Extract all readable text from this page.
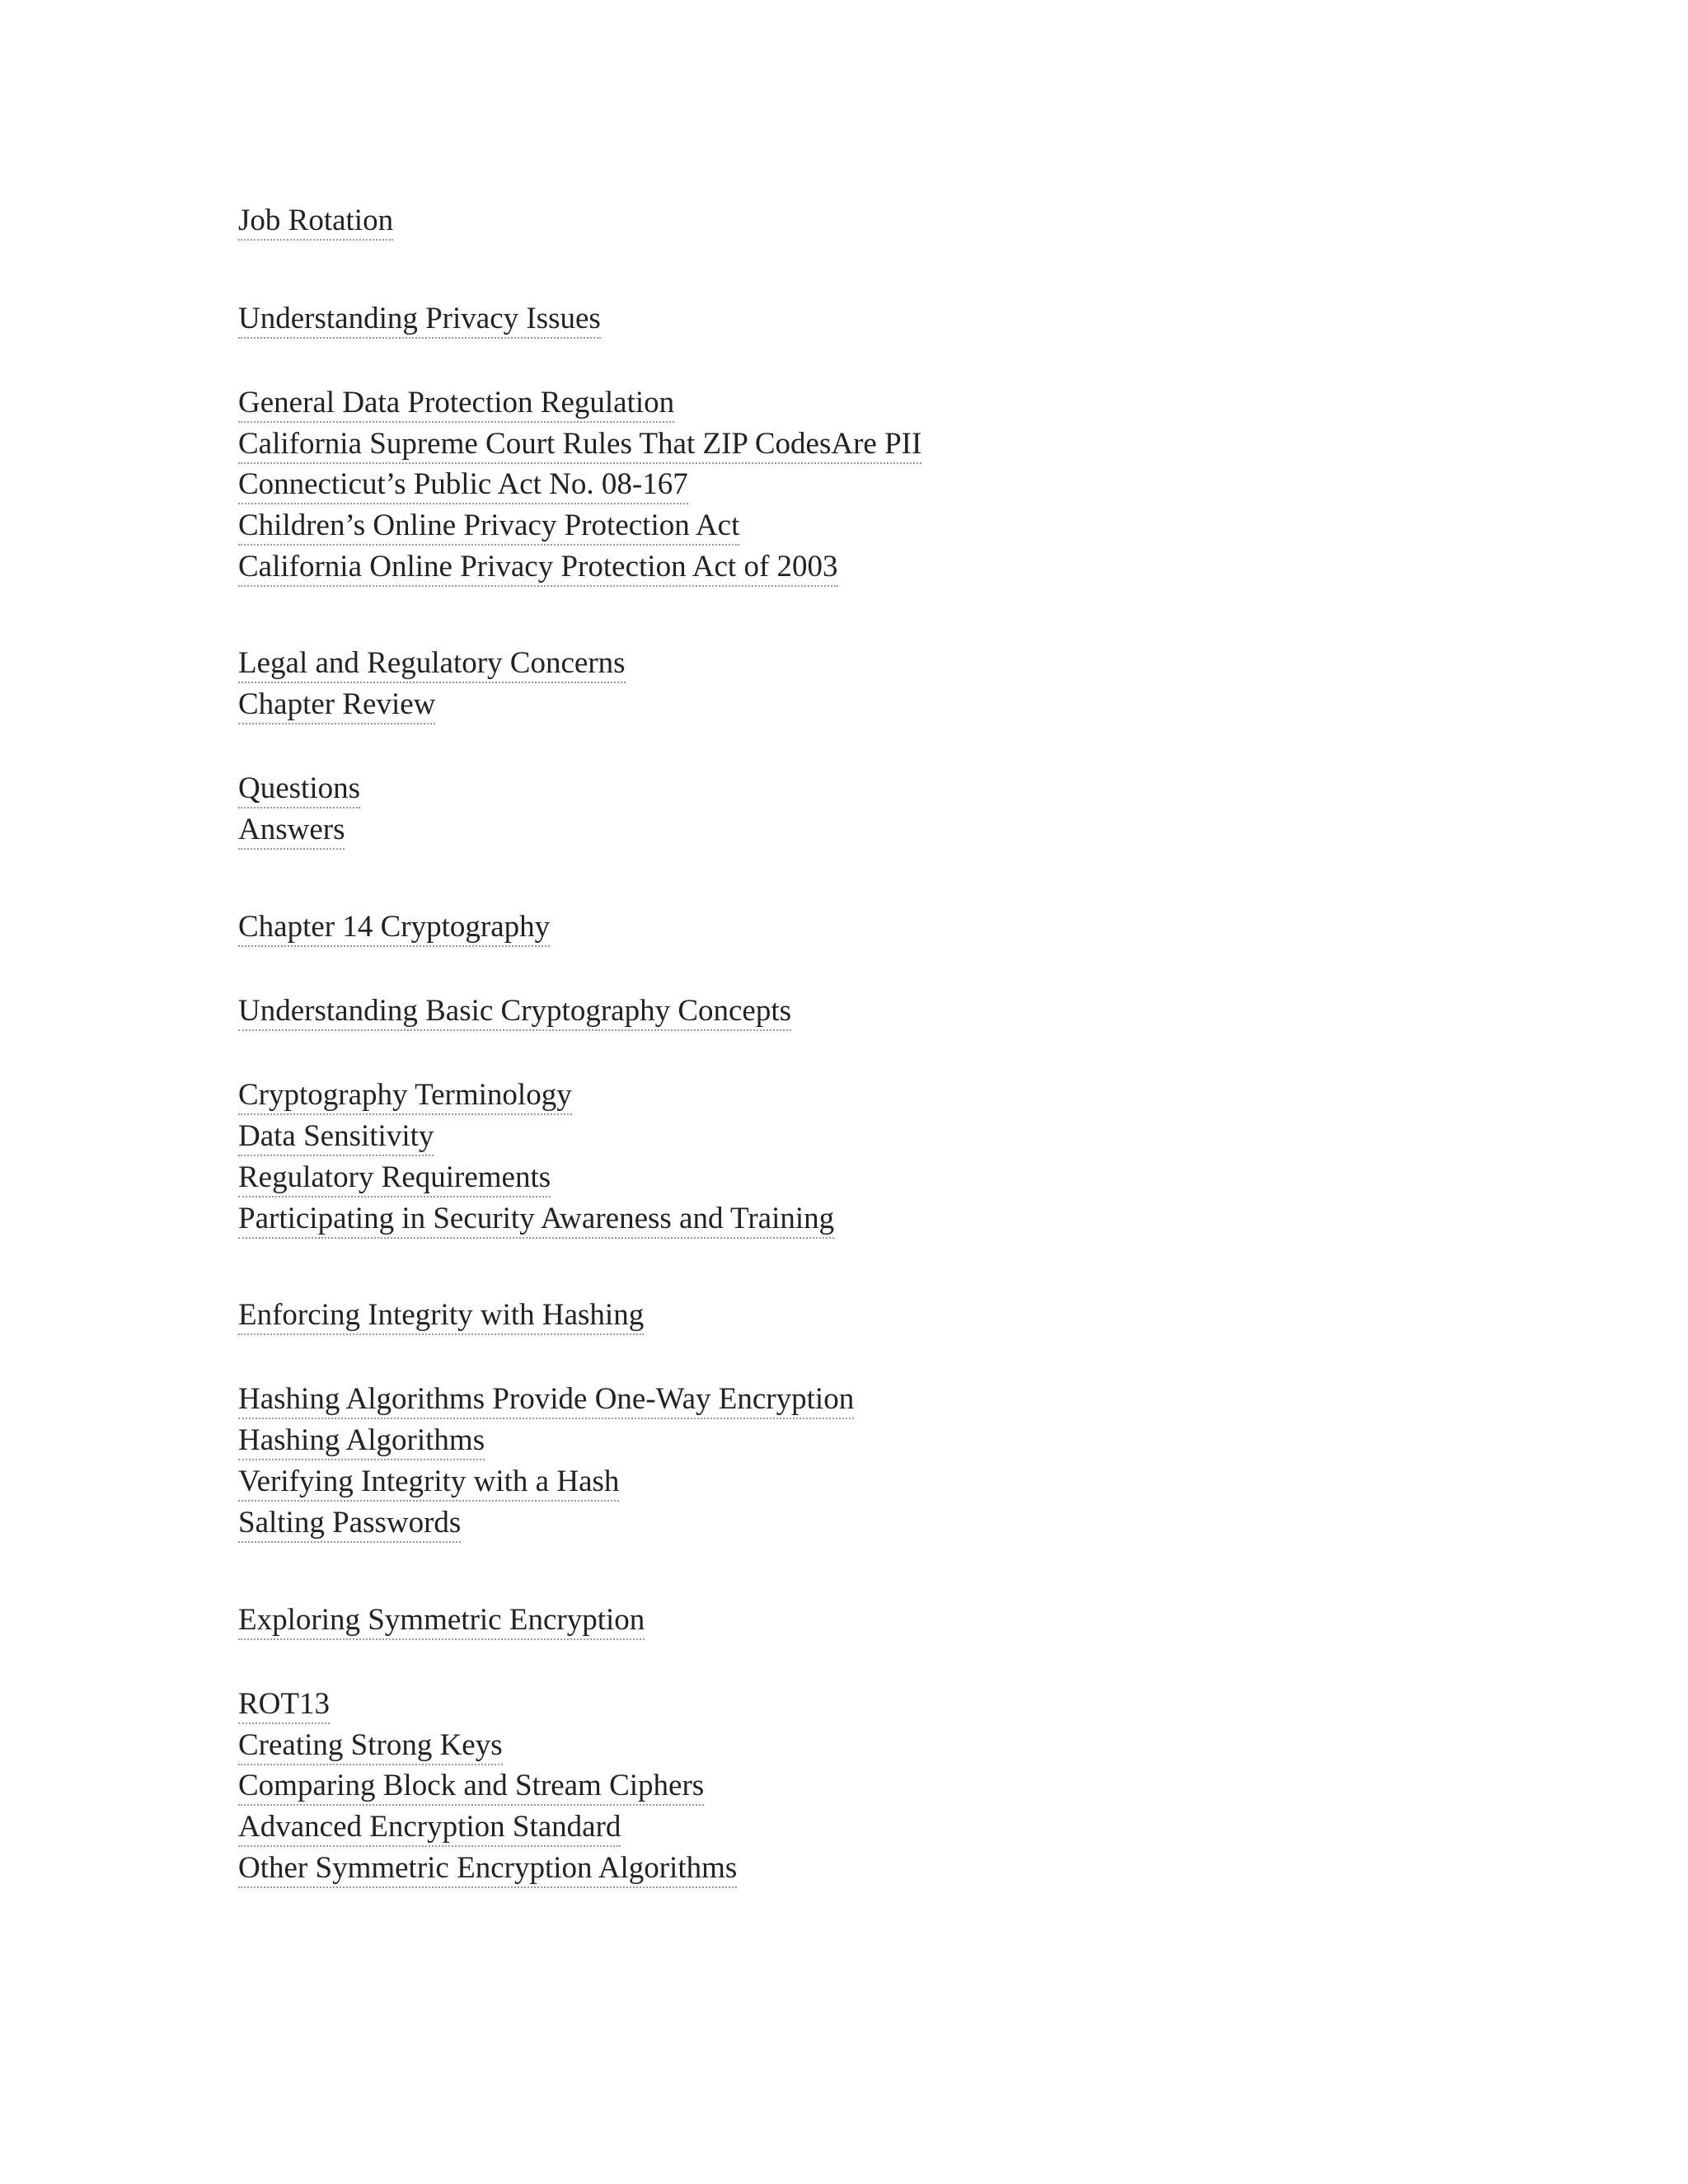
Job Rotation
Understanding Privacy Issues
General Data Protection Regulation
California Supreme Court Rules That ZIP CodesAre PII
Connecticut’s Public Act No. 08-167
Children’s Online Privacy Protection Act
California Online Privacy Protection Act of 2003
Legal and Regulatory Concerns
Chapter Review
Questions
Answers
Chapter 14 Cryptography
Understanding Basic Cryptography Concepts
Cryptography Terminology
Data Sensitivity
Regulatory Requirements
Participating in Security Awareness and Training
Enforcing Integrity with Hashing
Hashing Algorithms Provide One-Way Encryption
Hashing Algorithms
Verifying Integrity with a Hash
Salting Passwords
Exploring Symmetric Encryption
ROT13
Creating Strong Keys
Comparing Block and Stream Ciphers
Advanced Encryption Standard
Other Symmetric Encryption Algorithms
